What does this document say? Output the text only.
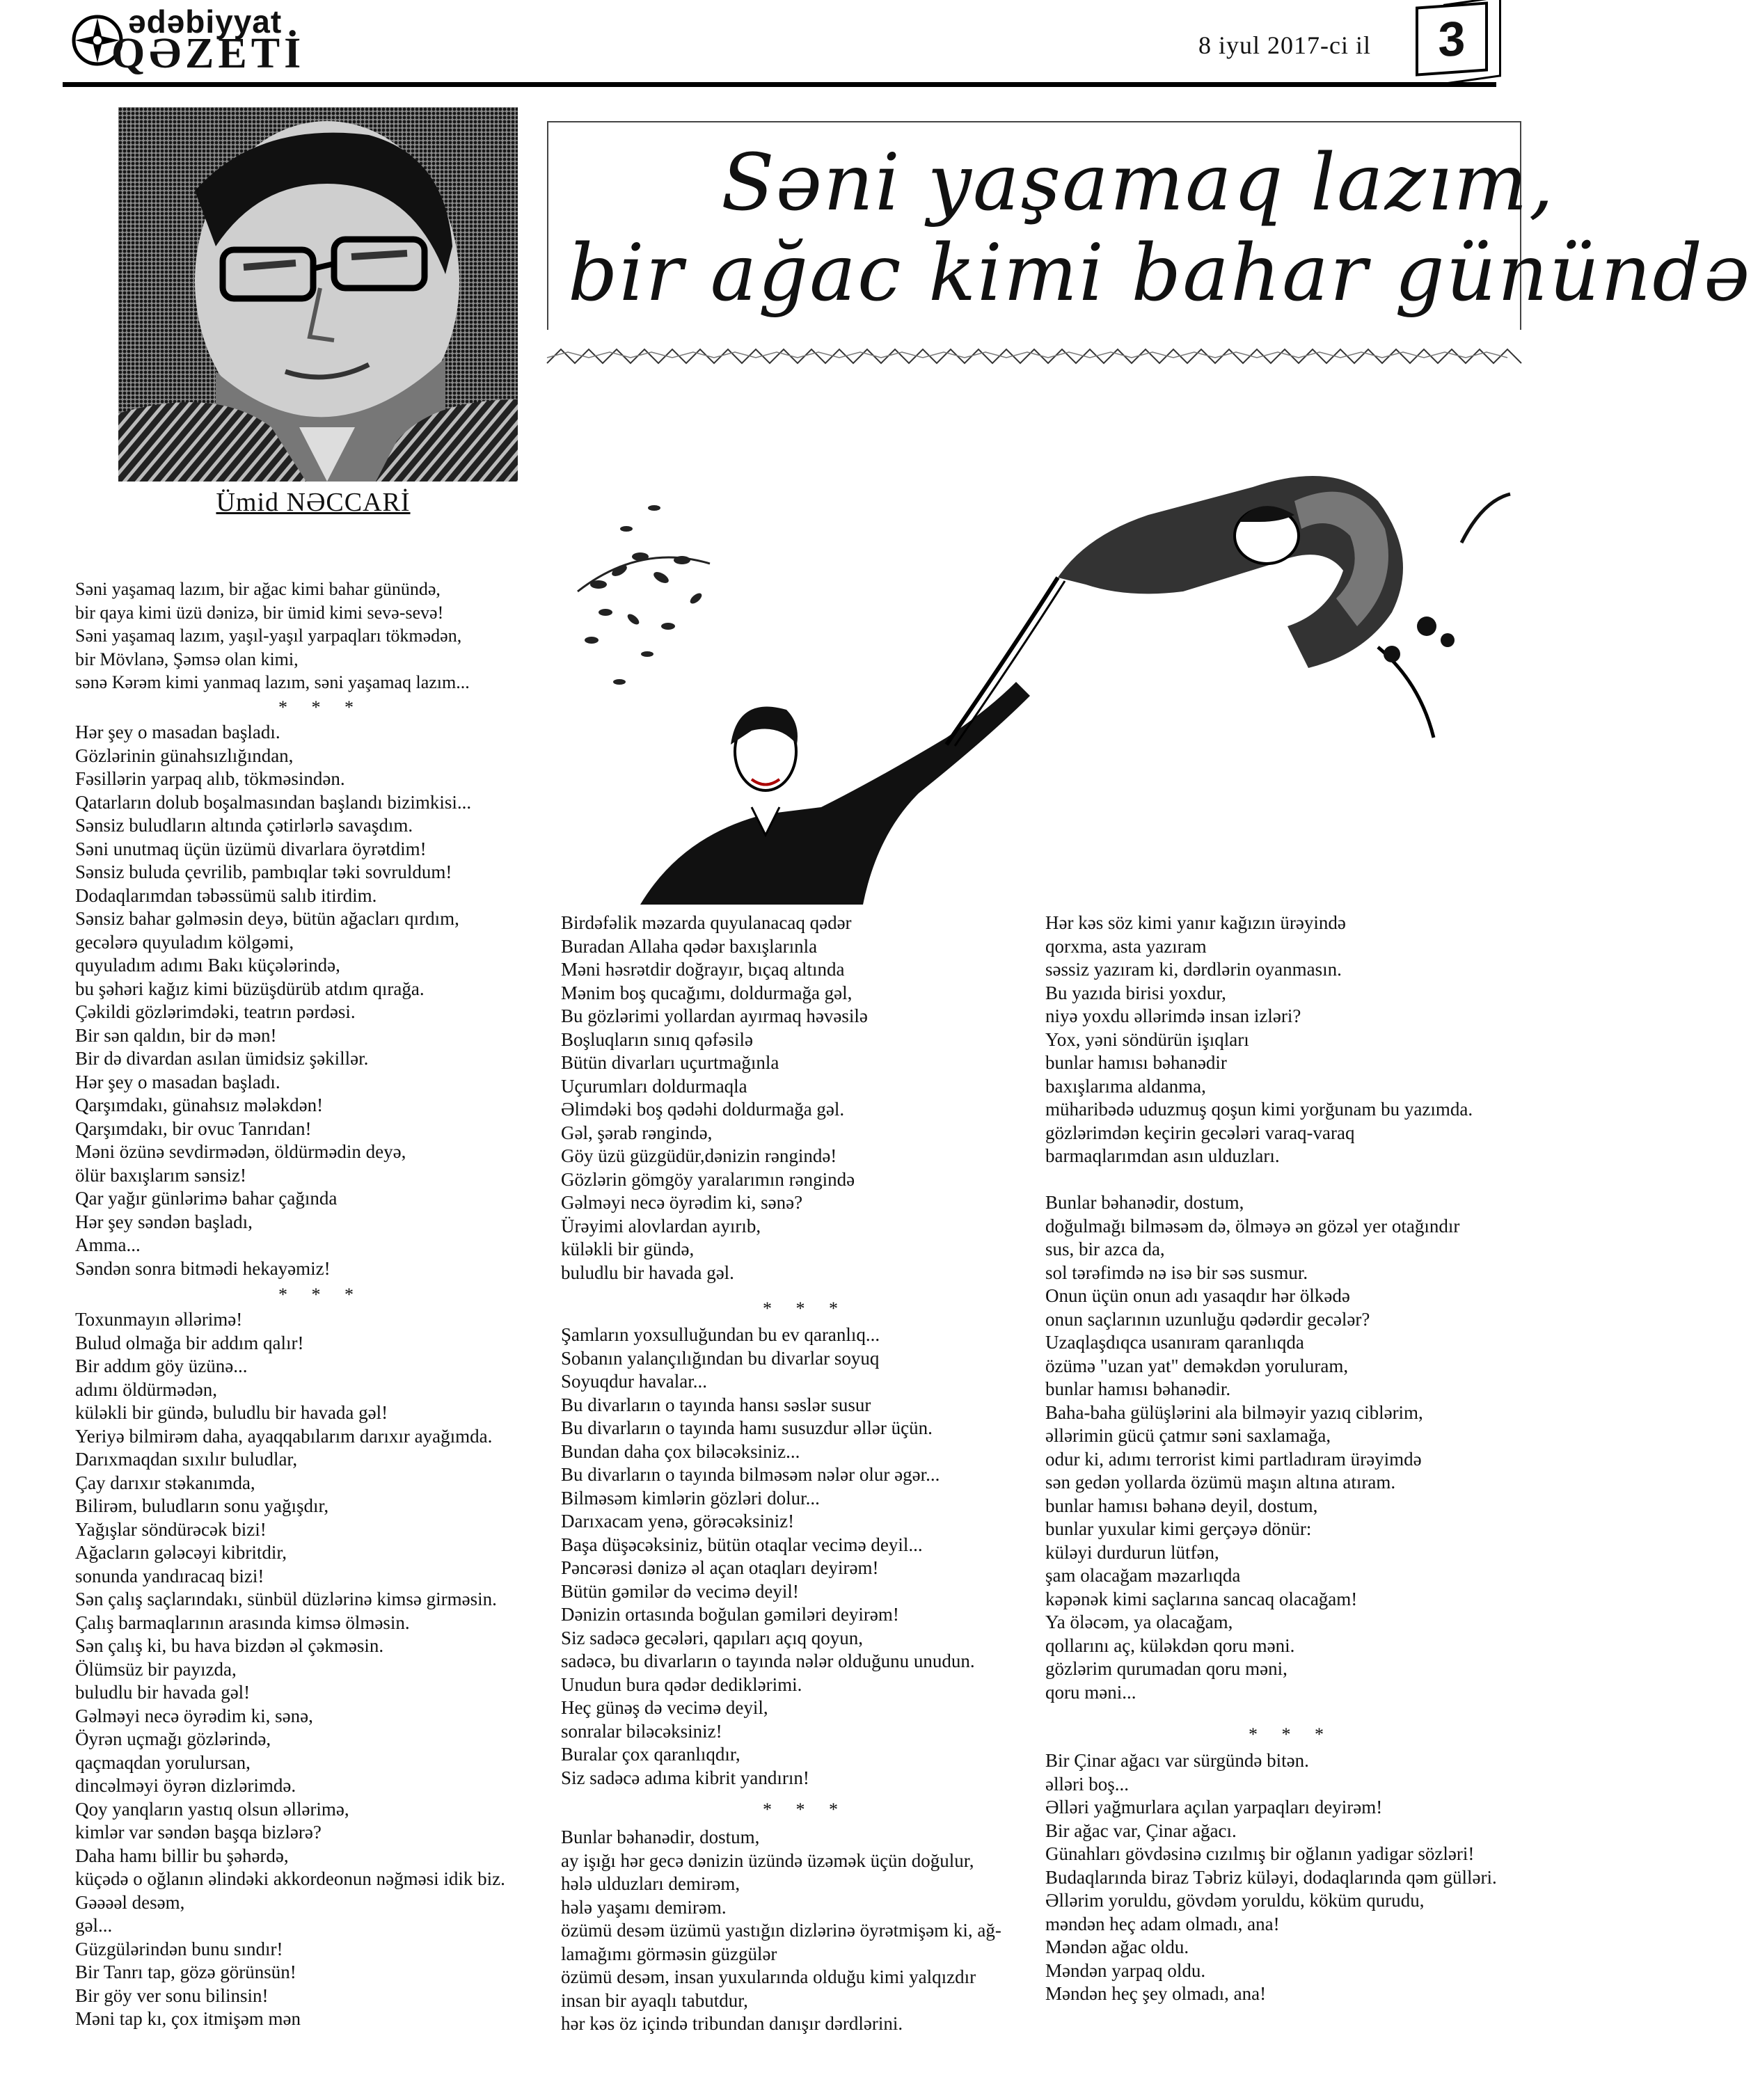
ədəbiyyat
QƏZETİ	8 iyul 2017-ci il	3
Ümid NƏCCARİ
Səni yaşamaq lazım,
bir ağac kimi bahar günündə
Səni yaşamaq lazım, bir ağac kimi bahar günündə,
bir qaya kimi üzü dənizə, bir ümid kimi sevə-sevə!
Səni yaşamaq lazım, yaşıl-yaşıl yarpaqları tökmədən,
bir Mövlanə, Şəmsə olan kimi,
sənə Kərəm kimi yanmaq lazım, səni yaşamaq lazım...
* * *
Hər şey o masadan başladı.
Gözlərinin günahsızlığından,
Fəsillərin yarpaq alıb, tökməsindən.
Qatarların dolub boşalmasından başlandı bizimkisi...
Sənsiz buludların altında çətirlərlə savaşdım.
Səni unutmaq üçün üzümü divarlara öyrətdim!
Sənsiz buluda çevrilib, pambıqlar təki sovruldum!
Dodaqlarımdan təbəssümü salıb itirdim.
Sənsiz bahar gəlməsin deyə, bütün ağacları qırdım,
gecələrə quyuladım kölgəmi,
quyuladım adımı Bakı küçələrində,
bu şəhəri kağız kimi büzüşdürüb atdım qırağa.
Çəkildi gözlərimdəki, teatrın pərdəsi.
Bir sən qaldın, bir də mən!
Bir də divardan asılan ümidsiz şəkillər.
Hər şey o masadan başladı.
Qarşımdakı, günahsız mələkdən!
Qarşımdakı, bir ovuc Tanrıdan!
Məni özünə sevdirmədən, öldürmədin deyə,
ölür baxışlarım sənsiz!
Qar yağır günlərimə bahar çağında
Hər şey səndən başladı,
Amma...
Səndən sonra bitmədi hekayəmiz!
* * *
Toxunmayın əllərimə!
Bulud olmağa bir addım qalır!
Bir addım göy üzünə...
adımı öldürmədən,
küləkli bir gündə, buludlu bir havada gəl!
Yeriyə bilmirəm daha, ayaqqabılarım darıxır ayağımda.
Darıxmaqdan sıxılır buludlar,
Çay darıxır stəkanımda,
Bilirəm, buludların sonu yağışdır,
Yağışlar söndürəcək bizi!
Ağacların gələcəyi kibritdir,
sonunda yandıracaq bizi!
Sən çalış saçlarındakı, sünbül düzlərinə kimsə girməsin.
Çalış barmaqlarının arasında kimsə ölməsin.
Sən çalış ki, bu hava bizdən əl çəkməsin.
Ölümsüz bir payızda,
buludlu bir havada gəl!
Gəlməyi necə öyrədim ki, sənə,
Öyrən uçmağı gözlərində,
qaçmaqdan yorulursan,
dincəlməyi öyrən dizlərimdə.
Qoy yanqların yastıq olsun əllərimə,
kimlər var səndən başqa bizlərə?
Daha hamı billir bu şəhərdə,
küçədə o oğlanın əlindəki akkordeonun nəğməsi idik biz.
Gəəəəl desəm,
gəl...
Güzgülərindən bunu sındır!
Bir Tanrı tap, gözə görünsün!
Bir göy ver sonu bilinsin!
Məni tap kı, çox itmişəm mən
Birdəfəlik məzarda quyulanacaq qədər
Buradan Allaha qədər baxışlarınla
Məni həsrətdir doğrayır, bıçaq altında
Mənim boş qucağımı, doldurmağa gəl,
Bu gözlərimi yollardan ayırmaq həvəsilə
Boşluqların sınıq qəfəsilə
Bütün divarları uçurtmağınla
Uçurumları doldurmaqla
Əlimdəki boş qədəhi doldurmağa gəl.
Gəl, şərab rəngində,
Göy üzü güzgüdür,dənizin rəngində!
Gözlərin gömgöy yaralarımın rəngində
Gəlməyi necə öyrədim ki, sənə?
Ürəyimi alovlardan ayırıb,
küləkli bir gündə,
buludlu bir havada gəl.
* * *
Şamların yoxsulluğundan bu ev qaranlıq...
Sobanın yalançılığından bu divarlar soyuq
Soyuqdur havalar...
Bu divarların o tayında hansı səslər susur
Bu divarların o tayında hamı susuzdur əllər üçün.
Bundan daha çox biləcəksiniz...
Bu divarların o tayında bilməsəm nələr olur əgər...
Bilməsəm kimlərin gözləri dolur...
Darıxacam yenə, görəcəksiniz!
Başa düşəcəksiniz, bütün otaqlar vecimə deyil...
Pəncərəsi dənizə əl açan otaqları deyirəm!
Bütün gəmilər də vecimə deyil!
Dənizin ortasında boğulan gəmiləri deyirəm!
Siz sadəcə gecələri, qapıları açıq qoyun,
sadəcə, bu divarların o tayında nələr olduğunu unudun.
Unudun bura qədər dediklərimi.
Heç günəş də vecimə deyil,
sonralar biləcəksiniz!
Buralar çox qaranlıqdır,
Siz sadəcə adıma kibrit yandırın!
* * *
Bunlar bəhanədir, dostum,
ay işığı hər gecə dənizin üzündə üzəmək üçün doğulur,
hələ ulduzları demirəm,
hələ yaşamı demirəm.
özümü desəm üzümü yastığın dizlərinə öyrətmişəm ki, ağ-
lamağımı görməsin güzgülər
özümü desəm, insan yuxularında olduğu kimi yalqızdır
insan bir ayaqlı tabutdur,
hər kəs öz içində tribundan danışır dərdlərini.
Hər kəs söz kimi yanır kağızın ürəyində
qorxma, asta yazıram
səssiz yazıram ki, dərdlərin oyanmasın.
Bu yazıda birisi yoxdur,
niyə yoxdu əllərimdə insan izləri?
Yox, yəni söndürün işıqları
bunlar hamısı bəhanədir
baxışlarıma aldanma,
müharibədə uduzmuş qoşun kimi yorğunam bu yazımda.
gözlərimdən keçirin gecələri varaq-varaq
barmaqlarımdan asın ulduzları.

Bunlar bəhanədir, dostum,
doğulmağı bilməsəm də, ölməyə ən gözəl yer otağındır
sus, bir azca da,
sol tərəfimdə nə isə bir səs susmur.
Onun üçün onun adı yasaqdır hər ölkədə
onun saçlarının uzunluğu qədərdir gecələr?
Uzaqlaşdıqca usanıram qaranlıqda
özümə "uzan yat" deməkdən yoruluram,
bunlar hamısı bəhanədir.
Baha-baha gülüşlərini ala bilməyir yazıq ciblərim,
əllərimin gücü çatmır səni saxlamağa,
odur ki, adımı terrorist kimi partladıram ürəyimdə
sən gedən yollarda özümü maşın altına atıram.
bunlar hamısı bəhanə deyil, dostum,
bunlar yuxular kimi gerçəyə dönür:
küləyi durdurun lütfən,
şam olacağam məzarlıqda
kəpənək kimi saçlarına sancaq olacağam!
Ya öləcəm, ya olacağam,
qollarını aç, küləkdən qoru məni.
gözlərim qurumadan qoru məni,
qoru məni...
* * *
Bir Çinar ağacı var sürgündə bitən.
əlləri boş...
Əlləri yağmurlara açılan yarpaqları deyirəm!
Bir ağac var, Çinar ağacı.
Günahları gövdəsinə cızılmış bir oğlanın yadigar sözləri!
Budaqlarında biraz Təbriz küləyi, dodaqlarında qəm gülləri.
Əllərim yoruldu, gövdəm yoruldu, köküm qurudu,
məndən heç adam olmadı, ana!
Məndən ağac oldu.
Məndən yarpaq oldu.
Məndən heç şey olmadı, ana!
